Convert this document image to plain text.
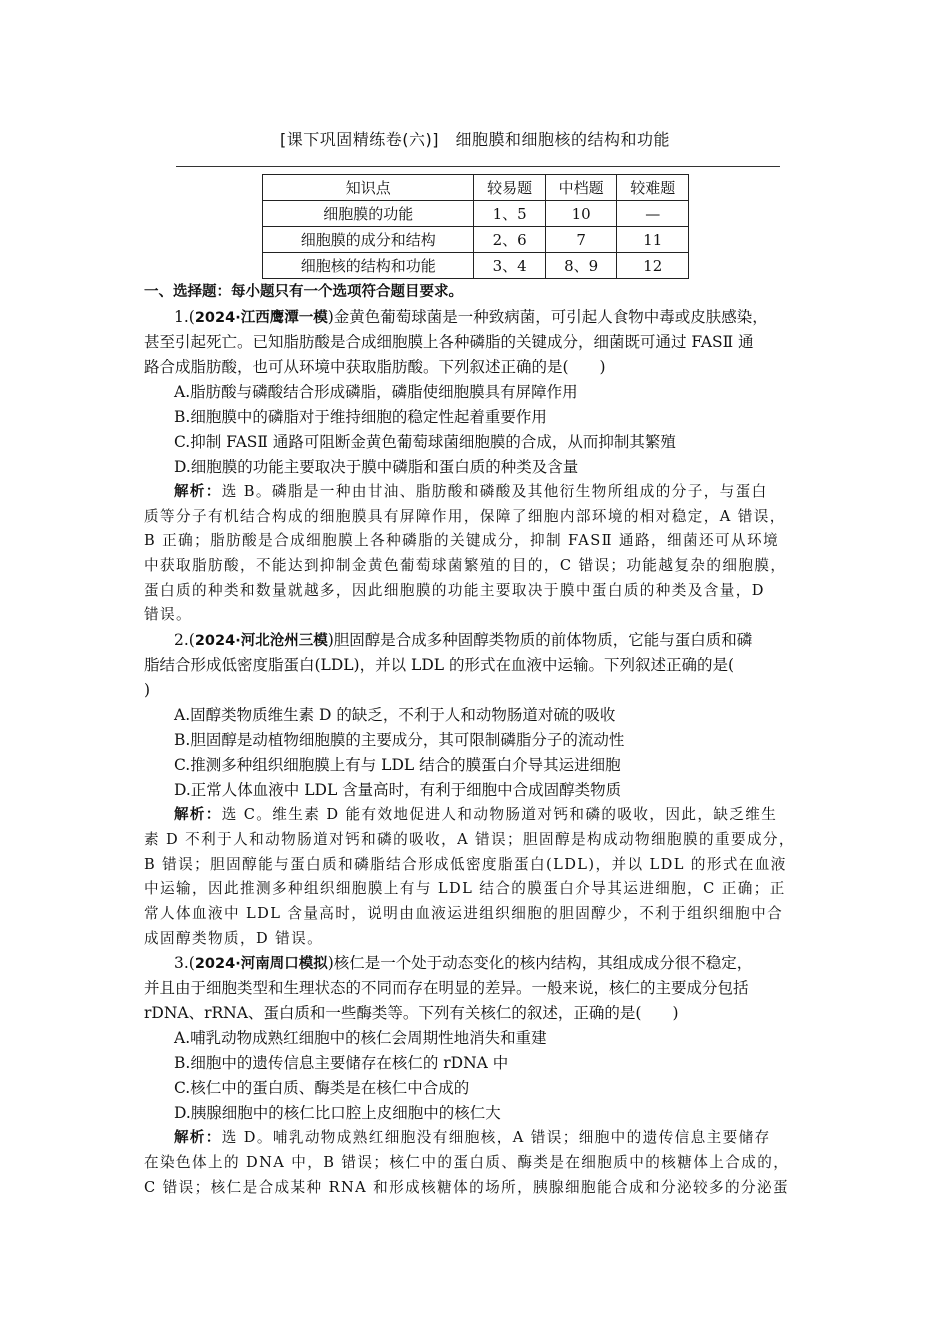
[课下巩固精练卷(六)]　细胞膜和细胞核的结构和功能
知识点	较易题	中档题	较难题
细胞膜的功能	1、5	10	—
细胞膜的成分和结构	2、6	7	11
细胞核的结构和功能	3、4	8、9	12
一、选择题：每小题只有一个选项符合题目要求。
1.(2024·江西鹰潭一模)金黄色葡萄球菌是一种致病菌，可引起人食物中毒或皮肤感染，
甚至引起死亡。已知脂肪酸是合成细胞膜上各种磷脂的关键成分，细菌既可通过 FASⅡ 通
路合成脂肪酸，也可从环境中获取脂肪酸。下列叙述正确的是(　　)
A.脂肪酸与磷酸结合形成磷脂，磷脂使细胞膜具有屏障作用
B.细胞膜中的磷脂对于维持细胞的稳定性起着重要作用
C.抑制 FASⅡ 通路可阻断金黄色葡萄球菌细胞膜的合成，从而抑制其繁殖
D.细胞膜的功能主要取决于膜中磷脂和蛋白质的种类及含量
解析：选 B。磷脂是一种由甘油、脂肪酸和磷酸及其他衍生物所组成的分子，与蛋白
质等分子有机结合构成的细胞膜具有屏障作用，保障了细胞内部环境的相对稳定，A 错误，
B 正确；脂肪酸是合成细胞膜上各种磷脂的关键成分，抑制 FASⅡ 通路，细菌还可从环境
中获取脂肪酸，不能达到抑制金黄色葡萄球菌繁殖的目的，C 错误；功能越复杂的细胞膜，
蛋白质的种类和数量就越多，因此细胞膜的功能主要取决于膜中蛋白质的种类及含量，D
错误。
2.(2024·河北沧州三模)胆固醇是合成多种固醇类物质的前体物质，它能与蛋白质和磷
脂结合形成低密度脂蛋白(LDL)，并以 LDL 的形式在血液中运输。下列叙述正确的是(
)
A.固醇类物质维生素 D 的缺乏，不利于人和动物肠道对硫的吸收
B.胆固醇是动植物细胞膜的主要成分，其可限制磷脂分子的流动性
C.推测多种组织细胞膜上有与 LDL 结合的膜蛋白介导其运进细胞
D.正常人体血液中 LDL 含量高时，有利于细胞中合成固醇类物质
解析：选 C。维生素 D 能有效地促进人和动物肠道对钙和磷的吸收，因此，缺乏维生
素 D 不利于人和动物肠道对钙和磷的吸收，A 错误；胆固醇是构成动物细胞膜的重要成分，
B 错误；胆固醇能与蛋白质和磷脂结合形成低密度脂蛋白(LDL)，并以 LDL 的形式在血液
中运输，因此推测多种组织细胞膜上有与 LDL 结合的膜蛋白介导其运进细胞，C 正确；正
常人体血液中 LDL 含量高时，说明由血液运进组织细胞的胆固醇少，不利于组织细胞中合
成固醇类物质，D 错误。
3.(2024·河南周口模拟)核仁是一个处于动态变化的核内结构，其组成成分很不稳定，
并且由于细胞类型和生理状态的不同而存在明显的差异。一般来说，核仁的主要成分包括
rDNA、rRNA、蛋白质和一些酶类等。下列有关核仁的叙述，正确的是(　　)
A.哺乳动物成熟红细胞中的核仁会周期性地消失和重建
B.细胞中的遗传信息主要储存在核仁的 rDNA 中
C.核仁中的蛋白质、酶类是在核仁中合成的
D.胰腺细胞中的核仁比口腔上皮细胞中的核仁大
解析：选 D。哺乳动物成熟红细胞没有细胞核，A 错误；细胞中的遗传信息主要储存
在染色体上的 DNA 中，B 错误；核仁中的蛋白质、酶类是在细胞质中的核糖体上合成的，
C 错误；核仁是合成某种 RNA 和形成核糖体的场所，胰腺细胞能合成和分泌较多的分泌蛋
